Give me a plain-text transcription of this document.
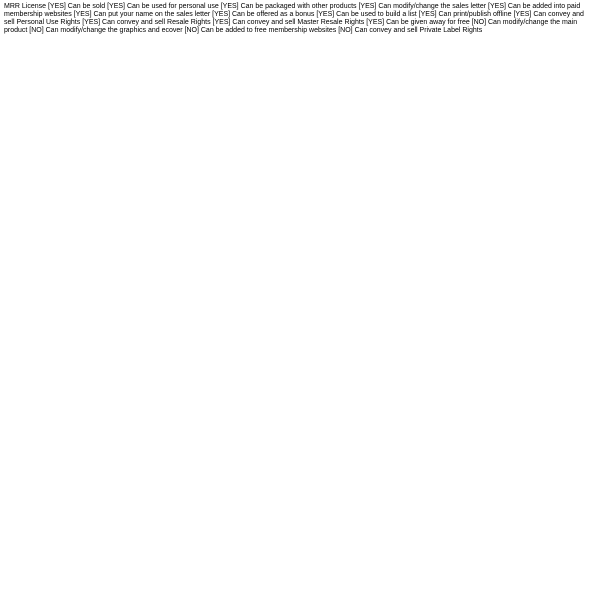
MRR License [YES] Can be sold [YES] Can be used for personal use [YES] Can be packaged with other products [YES] Can modify/change the sales letter [YES] Can be added into paid membership websites [YES] Can put your name on the sales letter [YES] Can be offered as a bonus [YES] Can be used to build a list [YES] Can print/publish offline [YES] Can convey and sell Personal Use Rights [YES] Can convey and sell Resale Rights [YES] Can convey and sell Master Resale Rights [YES] Can be given away for free [NO] Can modify/change the main product [NO] Can modify/change the graphics and ecover [NO] Can be added to free membership websites [NO] Can convey and sell Private Label Rights
